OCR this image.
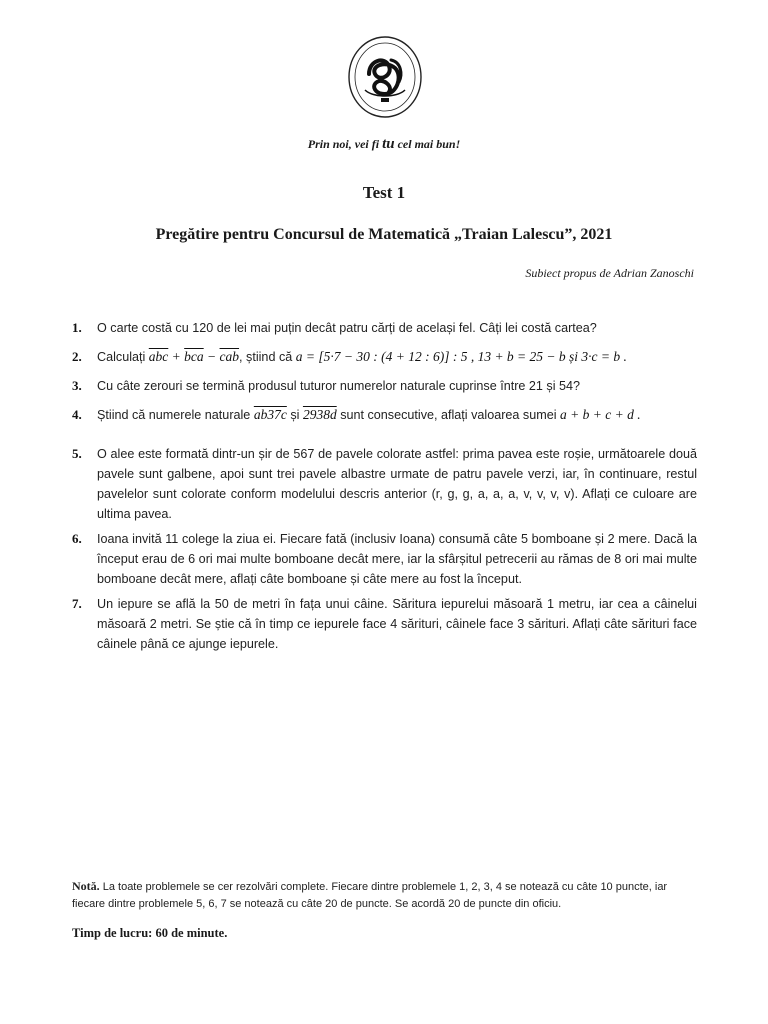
Prin noi, vei fi tu cel mai bun!
Test 1
Pregătire pentru Concursul de Matematică „Traian Lalescu”, 2021
Subiect propus de Adrian Zanoschi
1. O carte costă cu 120 de lei mai puțin decât patru cărți de același fel. Câți lei costă cartea?
2. Calculați $\overline{abc} + \overline{bca} - \overline{cab}$, știind că a = [5·7 − 30 : (4 + 12 : 6)] : 5 , 13 + b = 25 − b și 3·c = b .
3. Cu câte zerouri se termină produsul tuturor numerelor naturale cuprinse între 21 și 54?
4. Știind că numerele naturale ab37c și 2938d sunt consecutive, aflați valoarea sumei a + b + c + d .
5. O alee este formată dintr-un șir de 567 de pavele colorate astfel: prima pavea este roșie, următoarele două pavele sunt galbene, apoi sunt trei pavele albastre urmate de patru pavele verzi, iar, în continuare, restul pavelelor sunt colorate conform modelului descris anterior (r, g, g, a, a, a, v, v, v, v). Aflați ce culoare are ultima pavea.
6. Ioana invită 11 colege la ziua ei. Fiecare fată (inclusiv Ioana) consumă câte 5 bomboane și 2 mere. Dacă la început erau de 6 ori mai multe bomboane decât mere, iar la sfârșitul petrecerii au rămas de 8 ori mai multe bomboane decât mere, aflați câte bomboane și câte mere au fost la început.
7. Un iepure se află la 50 de metri în fața unui câine. Săritura iepurelui măsoară 1 metru, iar cea a câinelui măsoară 2 metri. Se știe că în timp ce iepurele face 4 sărituri, câinele face 3 sărituri. Aflați câte sărituri face câinele până ce ajunge iepurele.
Notă. La toate problemele se cer rezolvări complete. Fiecare dintre problemele 1, 2, 3, 4 se notează cu câte 10 puncte, iar fiecare dintre problemele 5, 6, 7 se notează cu câte 20 de puncte. Se acordă 20 de puncte din oficiu.
Timp de lucru: 60 de minute.
